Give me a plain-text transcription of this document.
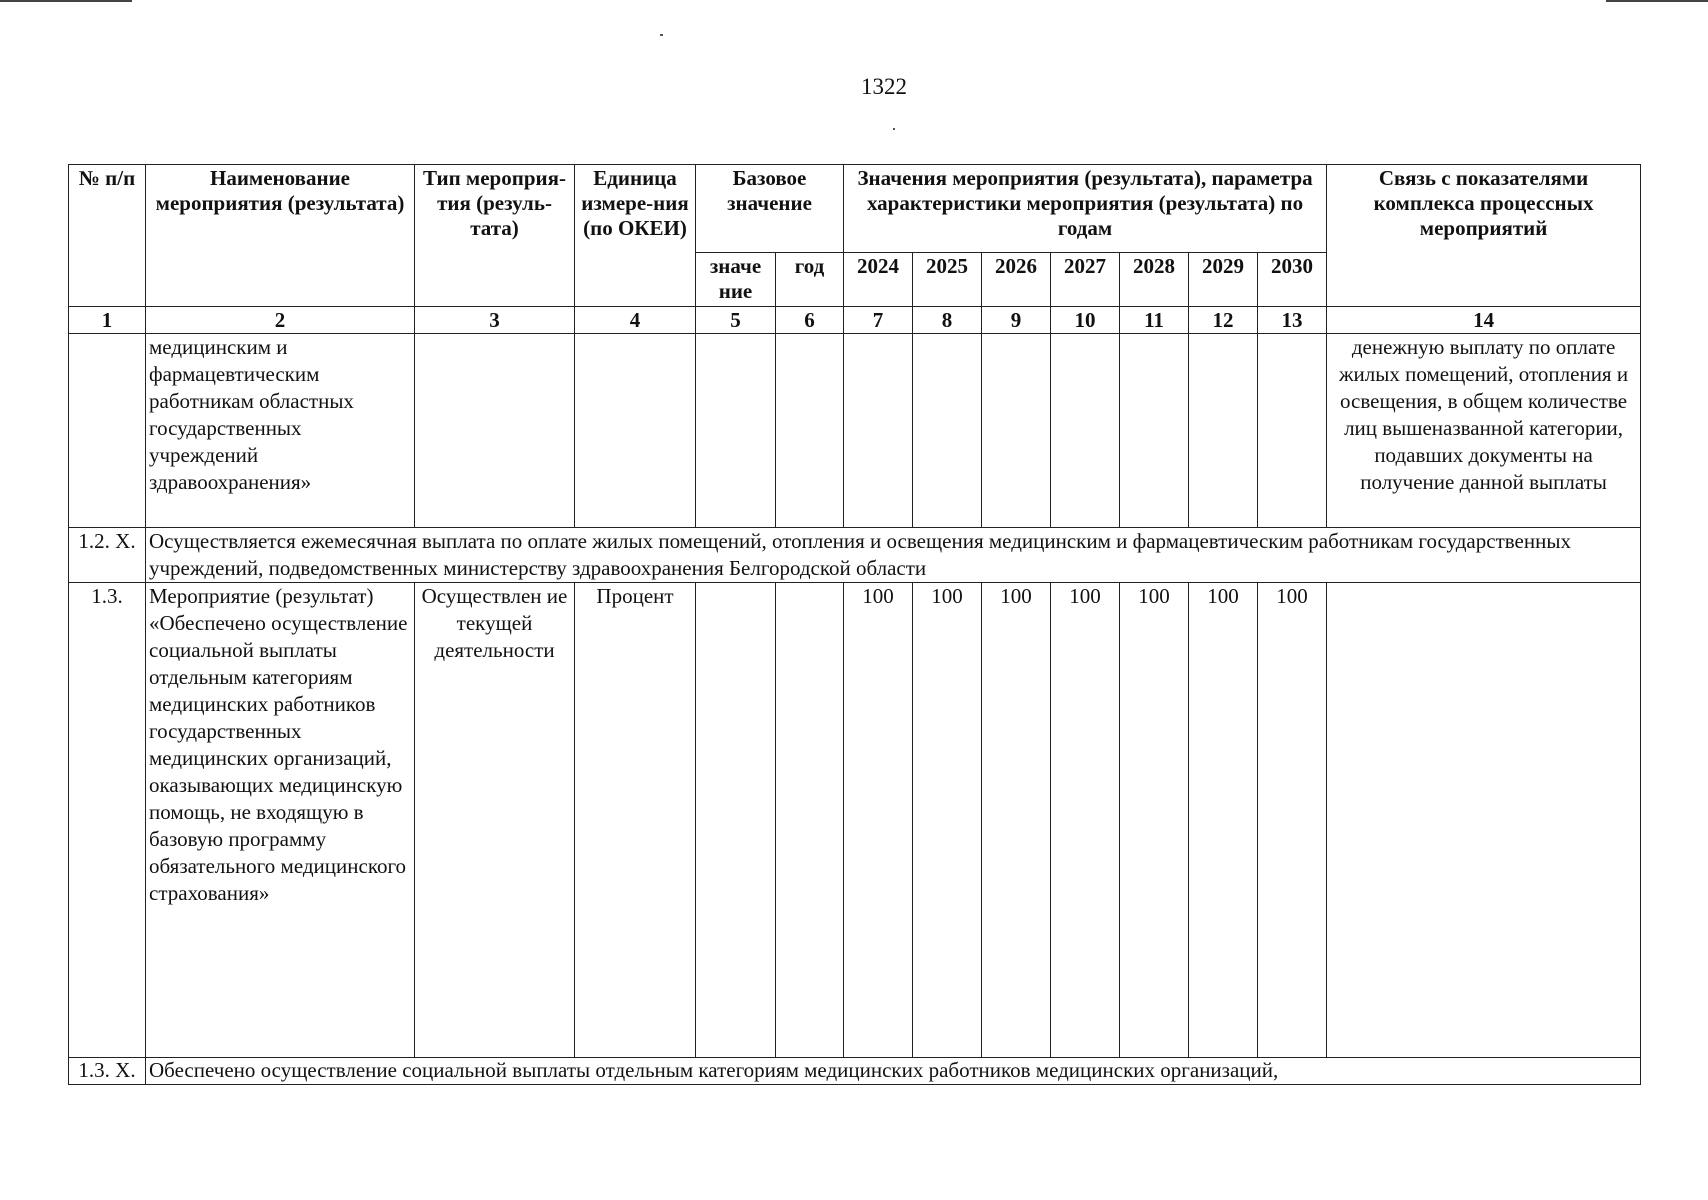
1322
№ п/п	Наименование мероприятия (результата)	Тип мероприя-тия (резуль-тата)	Единица измере-ния (по ОКЕИ)	Базовое значение		Значения мероприятия (результата), параметра характеристики мероприятия (результата) по годам							Связь с показателями комплекса процессных мероприятий
				значе ние	год	2024	2025	2026	2027	2028	2029	2030	
1	2	3	4	5	6	7	8	9	10	11	12	13	14
	медицинским и фармацевтическим работникам областных государственных учреждений здравоохранения»												денежную выплату по оплате жилых помещений, отопления и освещения, в общем количестве лиц вышеназванной категории, подавших документы на получение данной выплаты
1.2. Х.	Осуществляется ежемесячная выплата по оплате жилых помещений, отопления и освещения медицинским и фармацевтическим работникам государственных учреждений, подведомственных министерству здравоохранения Белгородской области												
1.3.	Мероприятие (результат) «Обеспечено осуществление социальной выплаты отдельным категориям медицинских работников государственных медицинских организаций, оказывающих медицинскую помощь, не входящую в базовую программу обязательного медицинского страхования»	Осуществлен ие текущей деятельности	Процент			100	100	100	100	100	100	100	
1.3. Х.	Обеспечено осуществление социальной выплаты отдельным категориям медицинских работников медицинских организаций,												
